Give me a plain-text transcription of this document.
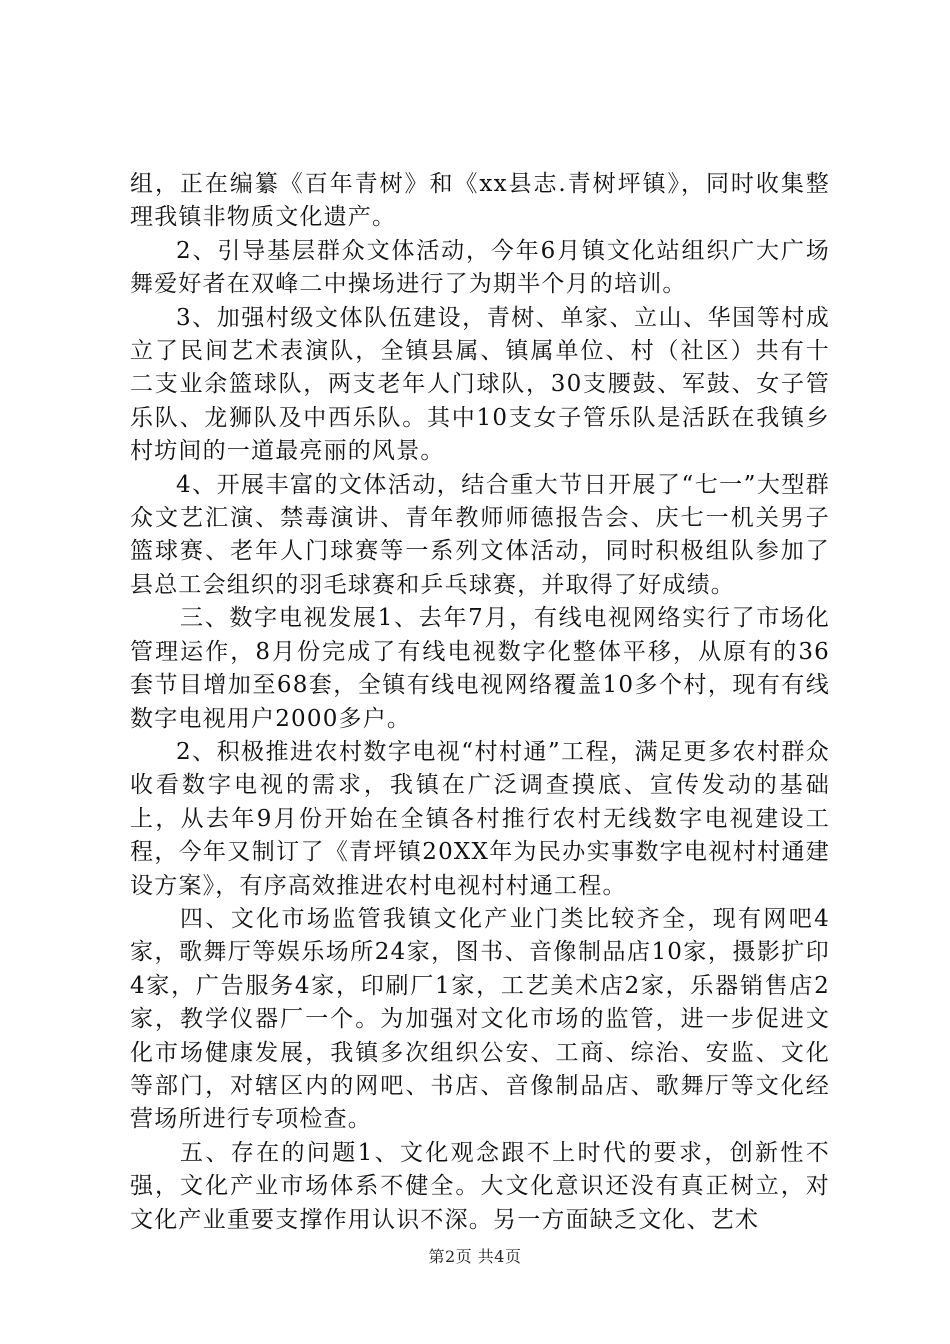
组，正在编纂《百年青树》和《xx县志.青树坪镇》，同时收集整理我镇非物质文化遗产。

2、引导基层群众文体活动，今年6月镇文化站组织广大广场舞爱好者在双峰二中操场进行了为期半个月的培训。

3、加强村级文体队伍建设，青树、单家、立山、华国等村成立了民间艺术表演队，全镇县属、镇属单位、村（社区）共有十二支业余篮球队，两支老年人门球队，30支腰鼓、军鼓、女子管乐队、龙狮队及中西乐队。其中10支女子管乐队是活跃在我镇乡村坊间的一道最亮丽的风景。

4、开展丰富的文体活动，结合重大节日开展了“七一”大型群众文艺汇演、禁毒演讲、青年教师师德报告会、庆七一机关男子篮球赛、老年人门球赛等一系列文体活动，同时积极组队参加了县总工会组织的羽毛球赛和乒乓球赛，并取得了好成绩。

三、数字电视发展1、去年7月，有线电视网络实行了市场化管理运作，8月份完成了有线电视数字化整体平移，从原有的36套节目增加至68套，全镇有线电视网络覆盖10多个村，现有有线数字电视用户2000多户。

2、积极推进农村数字电视“村村通”工程，满足更多农村群众收看数字电视的需求，我镇在广泛调查摸底、宣传发动的基础上，从去年9月份开始在全镇各村推行农村无线数字电视建设工程，今年又制订了《青坪镇20XX年为民办实事数字电视村村通建设方案》，有序高效推进农村电视村村通工程。

四、文化市场监管我镇文化产业门类比较齐全，现有网吧4家，歌舞厅等娱乐场所24家，图书、音像制品店10家，摄影扩印4家，广告服务4家，印刷厂1家，工艺美术店2家，乐器销售店2家，教学仪器厂一个。为加强对文化市场的监管，进一步促进文化市场健康发展，我镇多次组织公安、工商、综治、安监、文化等部门，对辖区内的网吧、书店、音像制品店、歌舞厅等文化经营场所进行专项检查。

五、存在的问题1、文化观念跟不上时代的要求，创新性不强，文化产业市场体系不健全。大文化意识还没有真正树立，对文化产业重要支撑作用认识不深。另一方面缺乏文化、艺术

第2页 共4页
